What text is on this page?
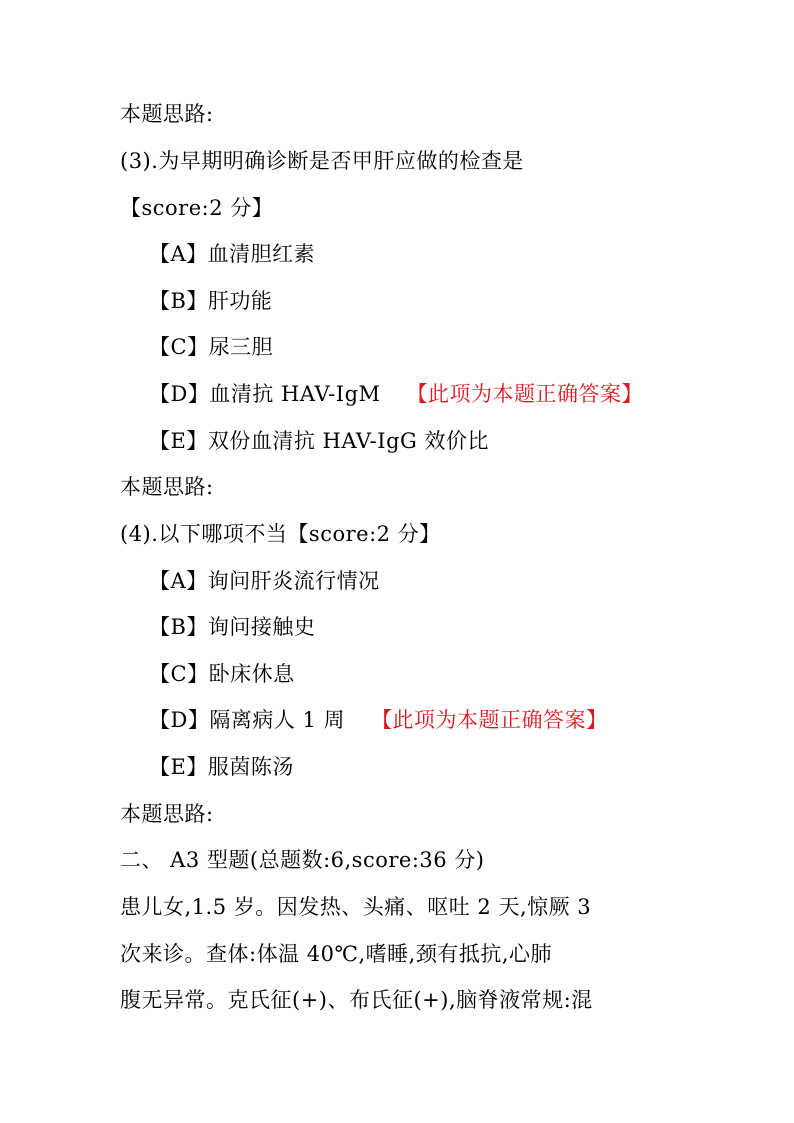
本题思路:
(3).为早期明确诊断是否甲肝应做的检查是
【score:2 分】
【A】血清胆红素
【B】肝功能
【C】尿三胆
【D】血清抗 HAV-IgM 【此项为本题正确答案】
【E】双份血清抗 HAV-IgG 效价比
本题思路:
(4).以下哪项不当【score:2 分】
【A】询问肝炎流行情况
【B】询问接触史
【C】卧床休息
【D】隔离病人 1 周 【此项为本题正确答案】
【E】服茵陈汤
本题思路:
二、 A3 型题(总题数:6,score:36 分)
患儿女,1.5 岁。因发热、头痛、呕吐 2 天,惊厥 3
次来诊。查体:体温 40℃,嗜睡,颈有抵抗,心肺
腹无异常。克氏征(+)、布氏征(+),脑脊液常规:混
